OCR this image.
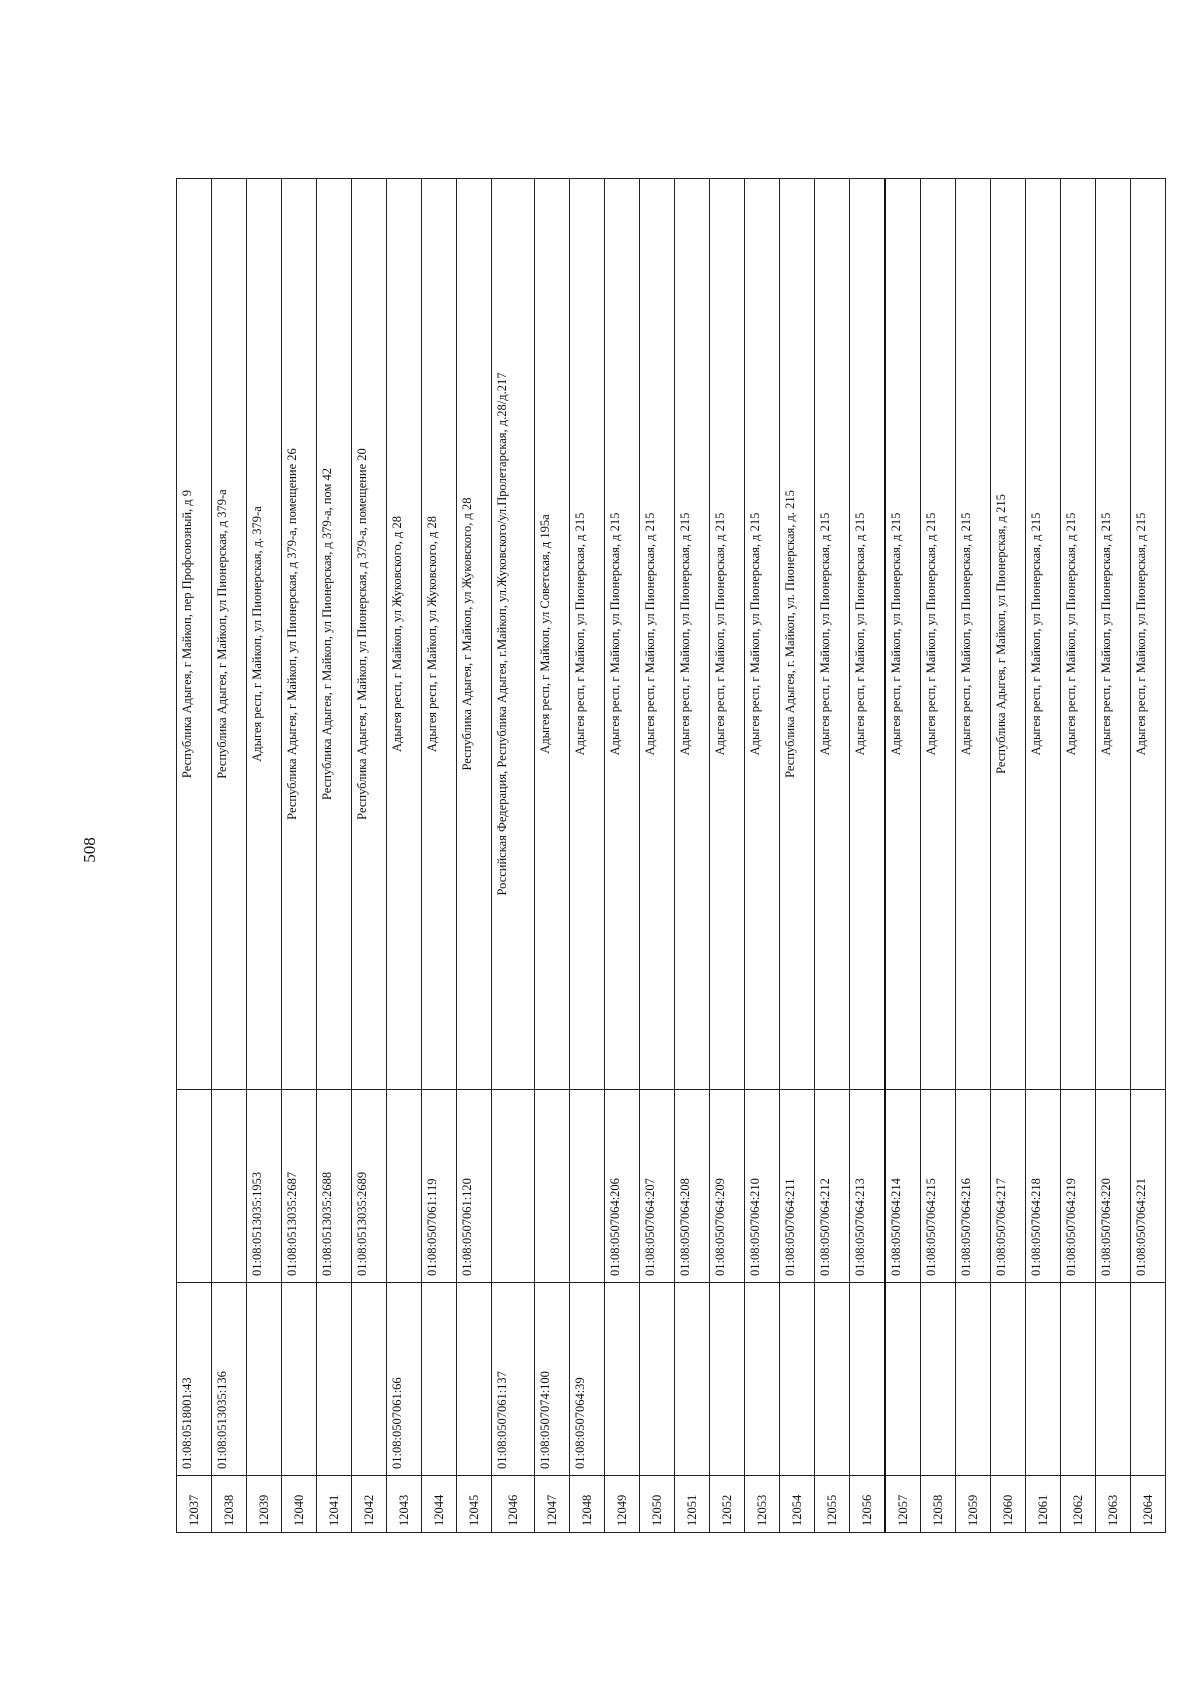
508
12037	01:08:0518001:43		Республика Адыгея, г Майкоп, пер Профсоюзный, д 9
12038	01:08:0513035:136		Республика Адыгея, г Майкоп, ул Пионерская, д 379-а
12039		01:08:0513035:1953	Адыгея респ, г Майкоп, ул Пионерская, д. 379-а
12040		01:08:0513035:2687	Республика Адыгея, г Майкоп, ул Пионерская, д 379-а, помещение 26
12041		01:08:0513035:2688	Республика Адыгея, г Майкоп, ул Пионерская, д 379-а, пом 42
12042		01:08:0513035:2689	Республика Адыгея, г Майкоп, ул Пионерская, д 379-а, помещение 20
12043	01:08:0507061:66		Адыгея респ, г Майкоп, ул Жуковского, д 28
12044		01:08:0507061:119	Адыгея респ, г Майкоп, ул Жуковского, д 28
12045		01:08:0507061:120	Республика Адыгея, г Майкоп, ул Жуковского, д 28
12046	01:08:0507061:137		Российская Федерация, Республика Адыгея, г.Майкоп, ул.Жуковского/ул.Пролетарская, д.28/д.217
12047	01:08:0507074:100		Адыгея респ, г Майкоп, ул Советская, д 195а
12048	01:08:0507064:39		Адыгея респ, г Майкоп, ул Пионерская, д 215
12049		01:08:0507064:206	Адыгея респ, г Майкоп, ул Пионерская, д 215
12050		01:08:0507064:207	Адыгея респ, г Майкоп, ул Пионерская, д 215
12051		01:08:0507064:208	Адыгея респ, г Майкоп, ул Пионерская, д 215
12052		01:08:0507064:209	Адыгея респ, г Майкоп, ул Пионерская, д 215
12053		01:08:0507064:210	Адыгея респ, г Майкоп, ул Пионерская, д 215
12054		01:08:0507064:211	Республика Адыгея, г. Майкоп, ул. Пионерская, д. 215
12055		01:08:0507064:212	Адыгея респ, г Майкоп, ул Пионерская, д 215
12056		01:08:0507064:213	Адыгея респ, г Майкоп, ул Пионерская, д 215
12057		01:08:0507064:214	Адыгея респ, г Майкоп, ул Пионерская, д 215
12058		01:08:0507064:215	Адыгея респ, г Майкоп, ул Пионерская, д 215
12059		01:08:0507064:216	Адыгея респ, г Майкоп, ул Пионерская, д 215
12060		01:08:0507064:217	Республика Адыгея, г Майкоп, ул Пионерская, д 215
12061		01:08:0507064:218	Адыгея респ, г Майкоп, ул Пионерская, д 215
12062		01:08:0507064:219	Адыгея респ, г Майкоп, ул Пионерская, д 215
12063		01:08:0507064:220	Адыгея респ, г Майкоп, ул Пионерская, д 215
12064		01:08:0507064:221	Адыгея респ, г Майкоп, ул Пионерская, д 215
